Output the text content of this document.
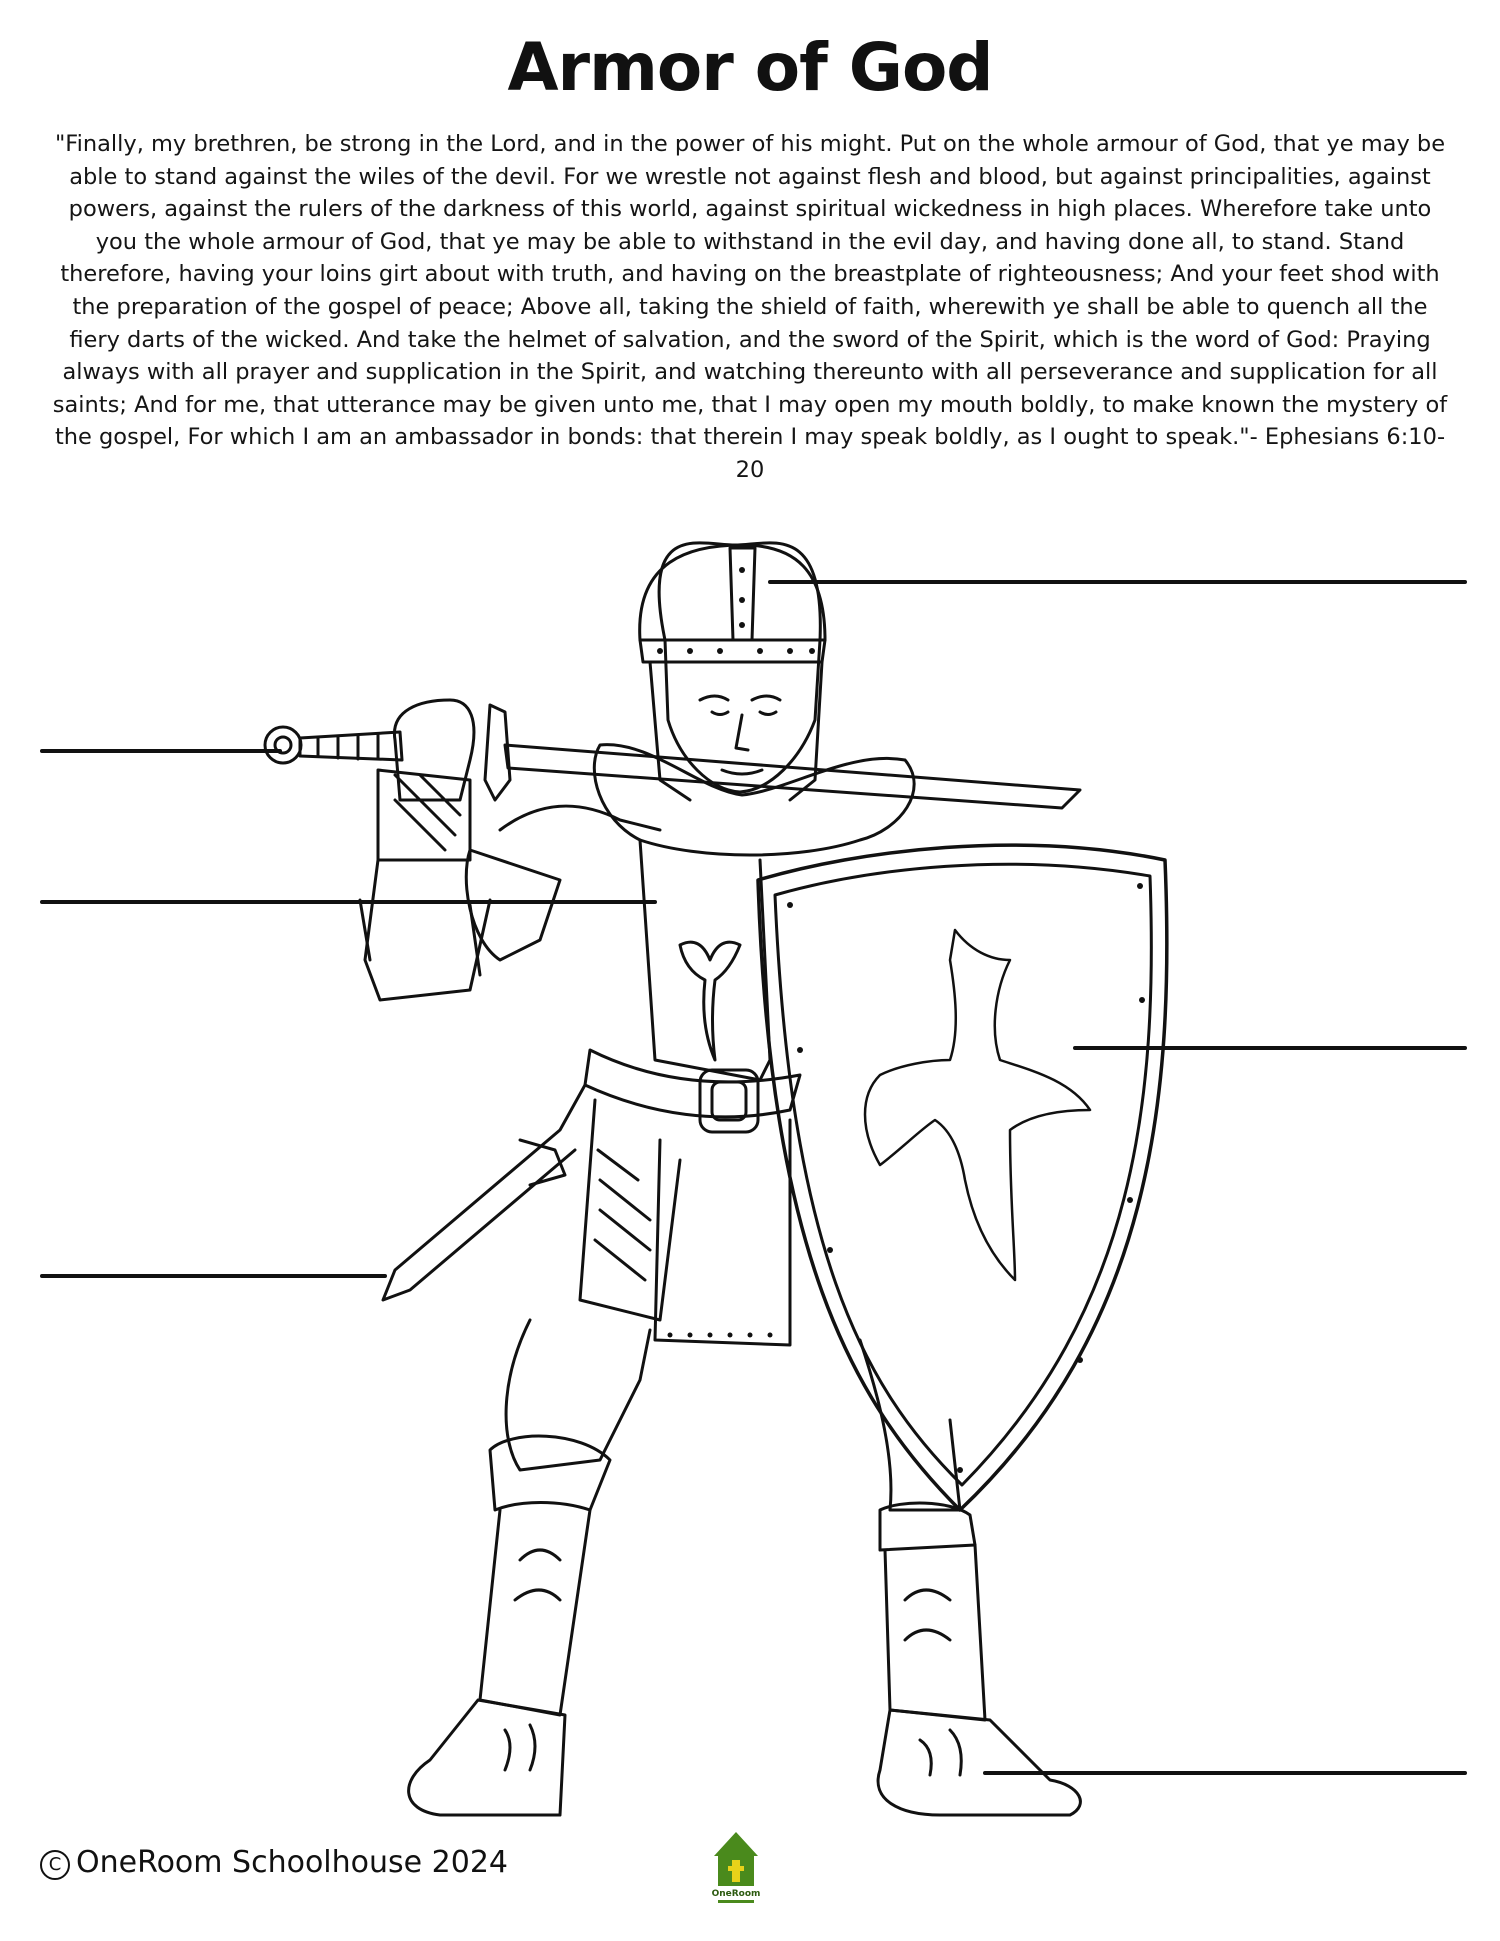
Armor of God

"Finally, my brethren, be strong in the Lord, and in the power of his might. Put on the whole armour of God, that ye may be able to stand against the wiles of the devil. For we wrestle not against flesh and blood, but against principalities, against powers, against the rulers of the darkness of this world, against spiritual wickedness in high places. Wherefore take unto you the whole armour of God, that ye may be able to withstand in the evil day, and having done all, to stand. Stand therefore, having your loins girt about with truth, and having on the breastplate of righteousness; And your feet shod with the preparation of the gospel of peace; Above all, taking the shield of faith, wherewith ye shall be able to quench all the fiery darts of the wicked. And take the helmet of salvation, and the sword of the Spirit, which is the word of God: Praying always with all prayer and supplication in the Spirit, and watching thereunto with all perseverance and supplication for all saints; And for me, that utterance may be given unto me, that I may open my mouth boldly, to make known the mystery of the gospel, For which I am an ambassador in bonds: that therein I may speak boldly, as I ought to speak."- Ephesians 6:10-20

C OneRoom Schoolhouse 2024
OneRoom
